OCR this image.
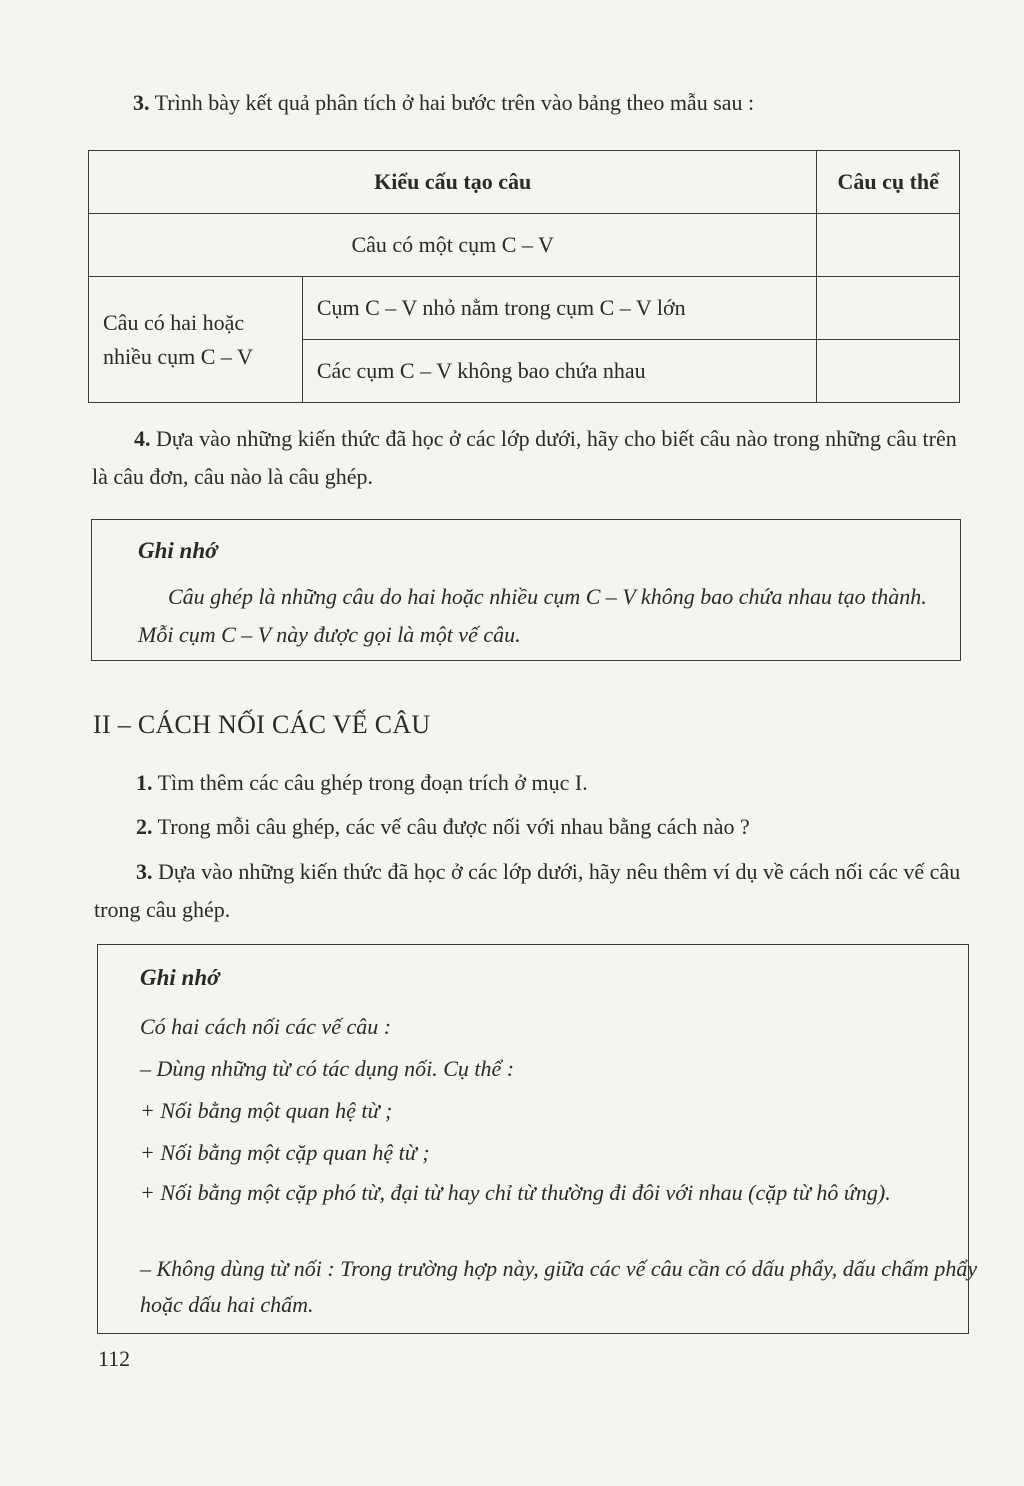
3. Trình bày kết quả phân tích ở hai bước trên vào bảng theo mẫu sau :

Kiểu cấu tạo câu		Câu cụ thể
Câu có một cụm C – V		
Câu có hai hoặc nhiều cụm C – V	Cụm C – V nhỏ nằm trong cụm C – V lớn	
	Các cụm C – V không bao chứa nhau	

4. Dựa vào những kiến thức đã học ở các lớp dưới, hãy cho biết câu nào trong những câu trên là câu đơn, câu nào là câu ghép.

Ghi nhớ
Câu ghép là những câu do hai hoặc nhiều cụm C – V không bao chứa nhau tạo thành. Mỗi cụm C – V này được gọi là một vế câu.
II – CÁCH NỐI CÁC VẾ CÂU

1. Tìm thêm các câu ghép trong đoạn trích ở mục I.

2. Trong mỗi câu ghép, các vế câu được nối với nhau bằng cách nào ?

3. Dựa vào những kiến thức đã học ở các lớp dưới, hãy nêu thêm ví dụ về cách nối các vế câu trong câu ghép.

Ghi nhớ
Có hai cách nối các vế câu :
– Dùng những từ có tác dụng nối. Cụ thể :
+ Nối bằng một quan hệ từ ;
+ Nối bằng một cặp quan hệ từ ;
+ Nối bằng một cặp phó từ, đại từ hay chỉ từ thường đi đôi với nhau (cặp từ hô ứng).
– Không dùng từ nối : Trong trường hợp này, giữa các vế câu cần có dấu phẩy, dấu chấm phẩy hoặc dấu hai chấm.
112
